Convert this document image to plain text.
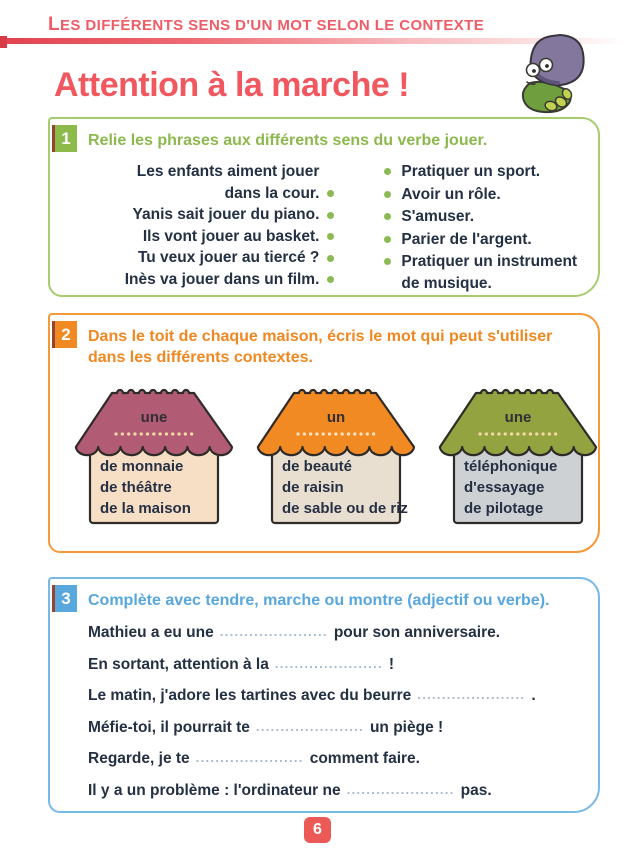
LES DIFFÉRENTS SENS D'UN MOT SELON LE CONTEXTE
Attention à la marche !
1	Relie les phrases aux différents sens du verbe jouer.

Les enfants aiment jouer dans la cour.
Yanis sait jouer du piano.
Ils vont jouer au basket.
Tu veux jouer au tiercé ?
Inès va jouer dans un film.
Pratiquer un sport.
Avoir un rôle.
S'amuser.
Parier de l'argent.
Pratiquer un instrument de musique.
2	Dans le toit de chaque maison, écris le mot qui peut s'utiliser dans les différents contextes.

une
de monnaie
de théâtre
de la maison
un
de beauté
de raisin
de sable ou de riz
une
téléphonique
d'essayage
de pilotage
3	Complète avec tendre, marche ou montre (adjectif ou verbe).

Mathieu a eu une ...................... pour son anniversaire.
En sortant, attention à la ...................... !
Le matin, j'adore les tartines avec du beurre ...................... .
Méfie-toi, il pourrait te ...................... un piège !
Regarde, je te ...................... comment faire.
Il y a un problème : l'ordinateur ne ...................... pas.
6
